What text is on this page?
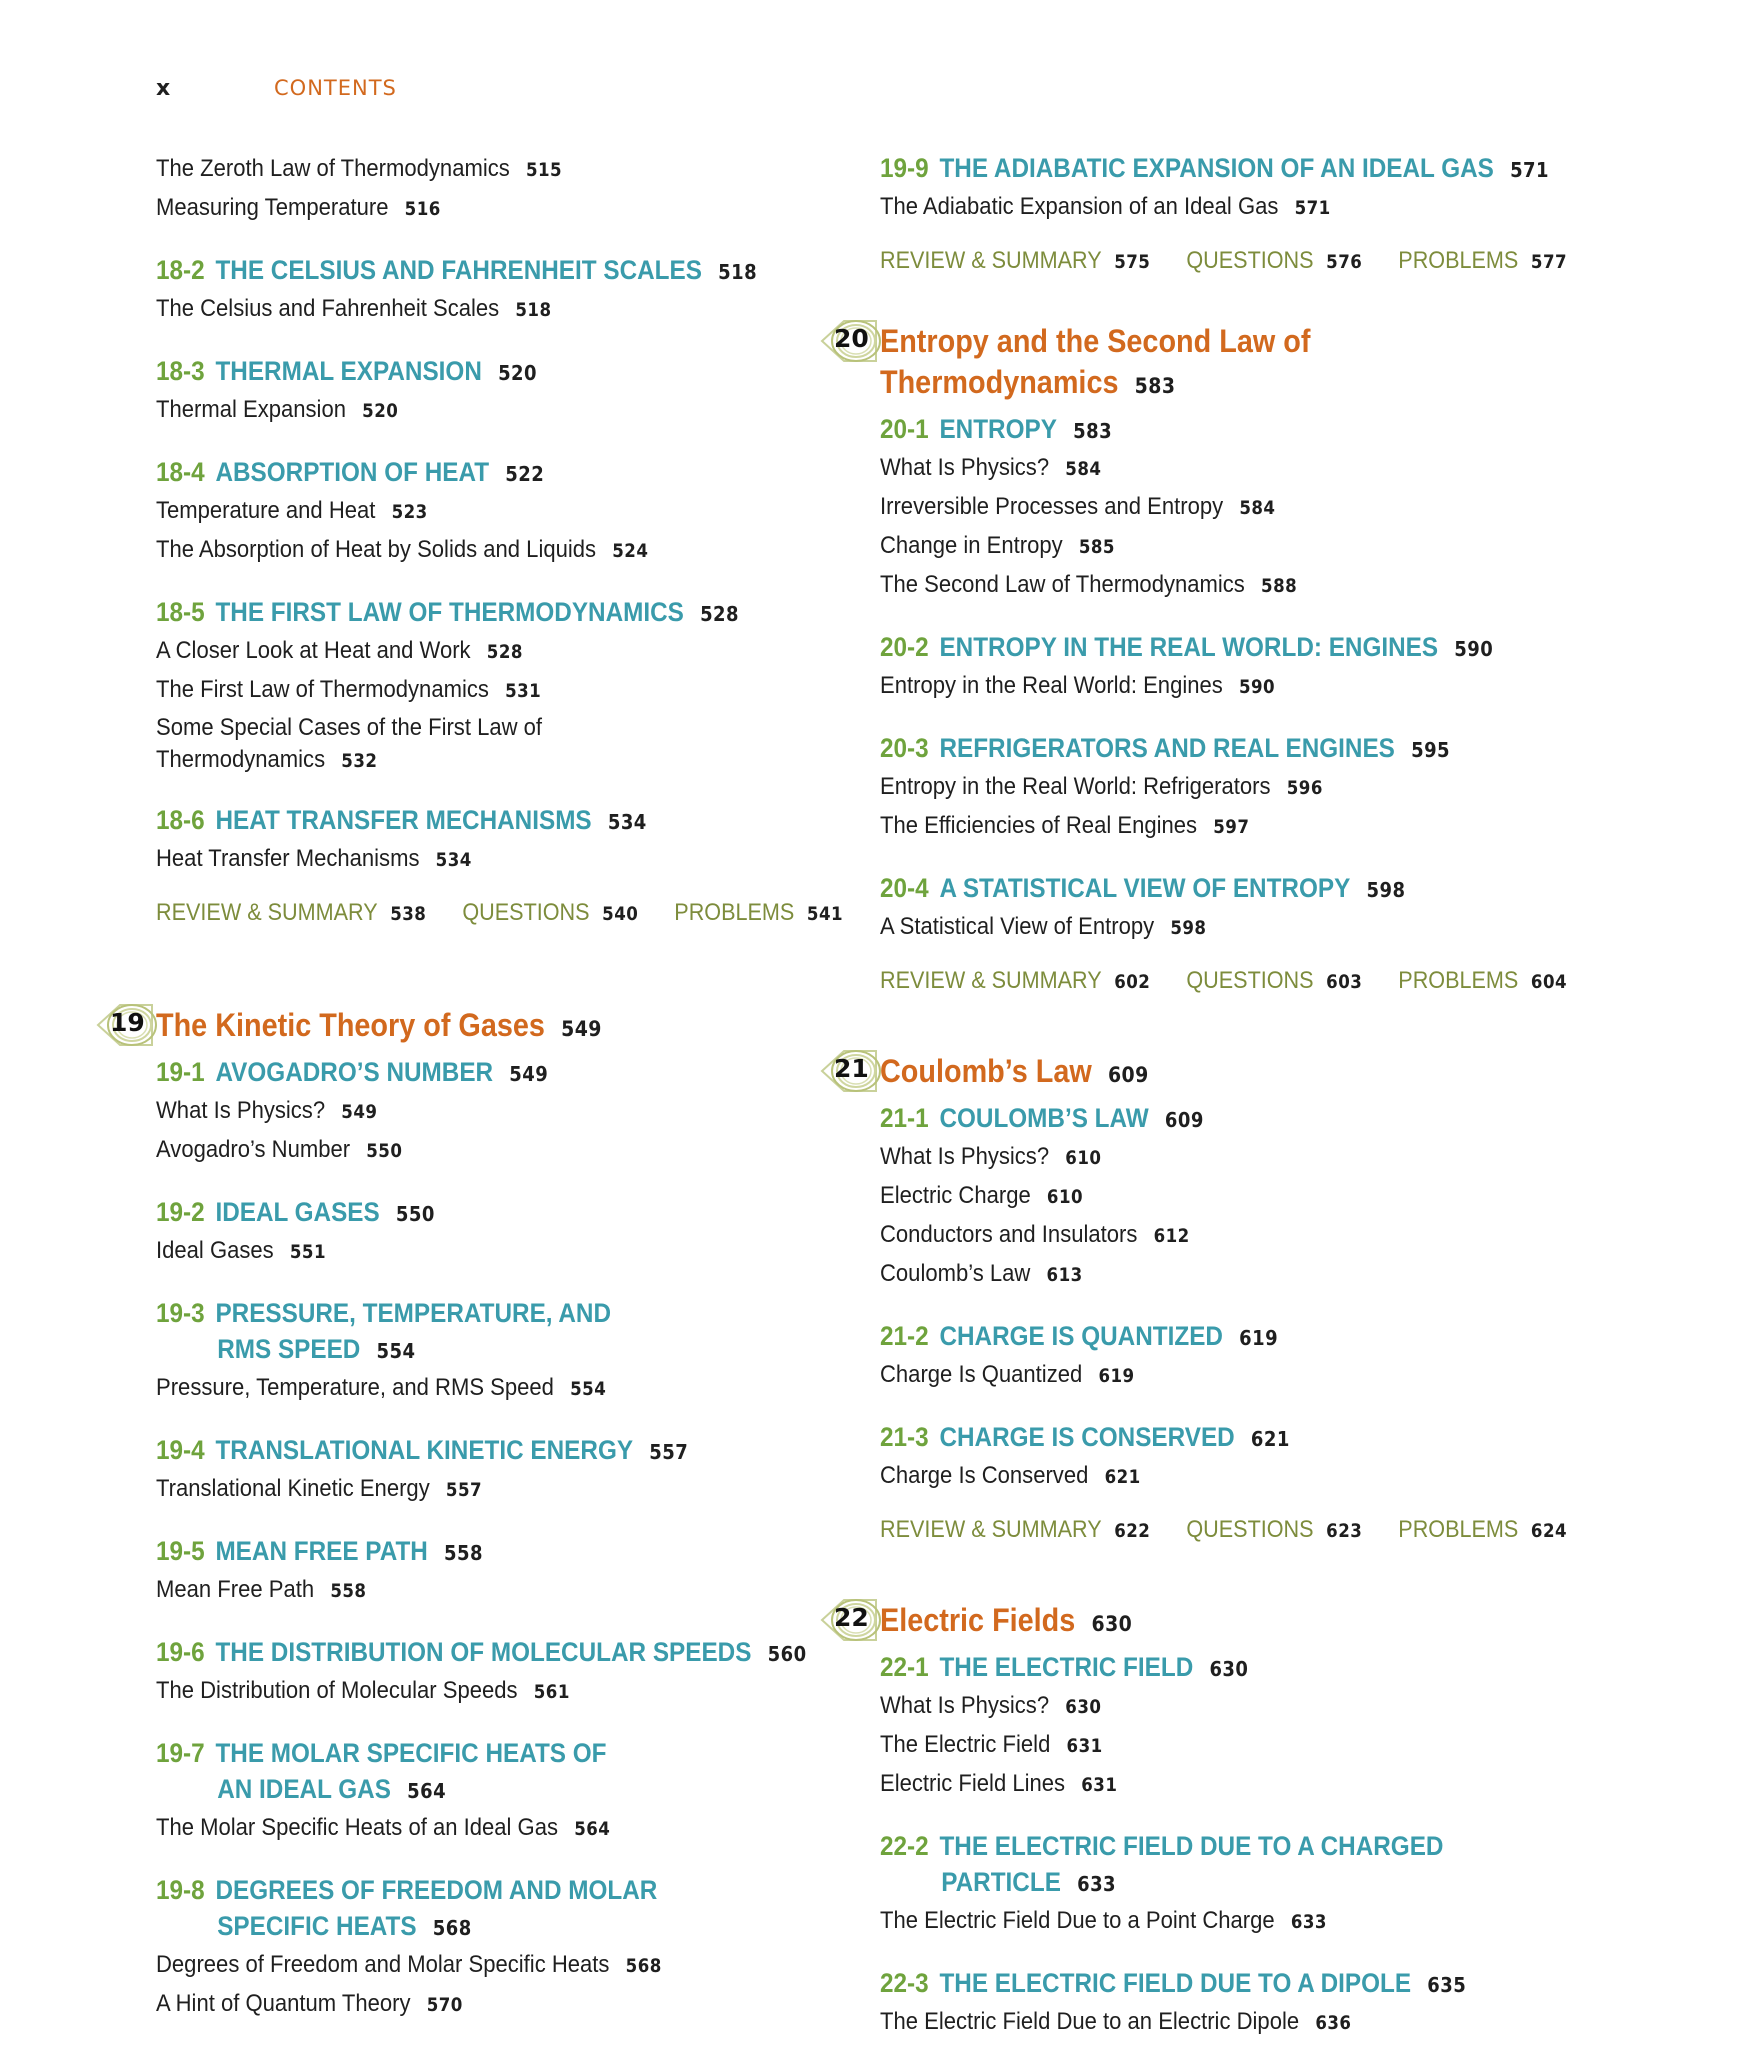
x	CONTENTS
The Zeroth Law of Thermodynamics 515
Measuring Temperature 516
18-2 THE CELSIUS AND FAHRENHEIT SCALES 518
The Celsius and Fahrenheit Scales 518
18-3 THERMAL EXPANSION 520
Thermal Expansion 520
18-4 ABSORPTION OF HEAT 522
Temperature and Heat 523
The Absorption of Heat by Solids and Liquids 524
18-5 THE FIRST LAW OF THERMODYNAMICS 528
A Closer Look at Heat and Work 528
The First Law of Thermodynamics 531
Some Special Cases of the First Law of
Thermodynamics 532
18-6 HEAT TRANSFER MECHANISMS 534
Heat Transfer Mechanisms 534
REVIEW & SUMMARY 538 QUESTIONS 540 PROBLEMS 541
19 The Kinetic Theory of Gases 549
19-1 AVOGADRO’S NUMBER 549
What Is Physics? 549
Avogadro’s Number 550
19-2 IDEAL GASES 550
Ideal Gases 551
19-3 PRESSURE, TEMPERATURE, AND
RMS SPEED 554
Pressure, Temperature, and RMS Speed 554
19-4 TRANSLATIONAL KINETIC ENERGY 557
Translational Kinetic Energy 557
19-5 MEAN FREE PATH 558
Mean Free Path 558
19-6 THE DISTRIBUTION OF MOLECULAR SPEEDS 560
The Distribution of Molecular Speeds 561
19-7 THE MOLAR SPECIFIC HEATS OF
AN IDEAL GAS 564
The Molar Specific Heats of an Ideal Gas 564
19-8 DEGREES OF FREEDOM AND MOLAR
SPECIFIC HEATS 568
Degrees of Freedom and Molar Specific Heats 568
A Hint of Quantum Theory 570
19-9 THE ADIABATIC EXPANSION OF AN IDEAL GAS 571
The Adiabatic Expansion of an Ideal Gas 571
REVIEW & SUMMARY 575 QUESTIONS 576 PROBLEMS 577
20 Entropy and the Second Law of
Thermodynamics 583
20-1 ENTROPY 583
What Is Physics? 584
Irreversible Processes and Entropy 584
Change in Entropy 585
The Second Law of Thermodynamics 588
20-2 ENTROPY IN THE REAL WORLD: ENGINES 590
Entropy in the Real World: Engines 590
20-3 REFRIGERATORS AND REAL ENGINES 595
Entropy in the Real World: Refrigerators 596
The Efficiencies of Real Engines 597
20-4 A STATISTICAL VIEW OF ENTROPY 598
A Statistical View of Entropy 598
REVIEW & SUMMARY 602 QUESTIONS 603 PROBLEMS 604
21 Coulomb’s Law 609
21-1 COULOMB’S LAW 609
What Is Physics? 610
Electric Charge 610
Conductors and Insulators 612
Coulomb’s Law 613
21-2 CHARGE IS QUANTIZED 619
Charge Is Quantized 619
21-3 CHARGE IS CONSERVED 621
Charge Is Conserved 621
REVIEW & SUMMARY 622 QUESTIONS 623 PROBLEMS 624
22 Electric Fields 630
22-1 THE ELECTRIC FIELD 630
What Is Physics? 630
The Electric Field 631
Electric Field Lines 631
22-2 THE ELECTRIC FIELD DUE TO A CHARGED
PARTICLE 633
The Electric Field Due to a Point Charge 633
22-3 THE ELECTRIC FIELD DUE TO A DIPOLE 635
The Electric Field Due to an Electric Dipole 636
